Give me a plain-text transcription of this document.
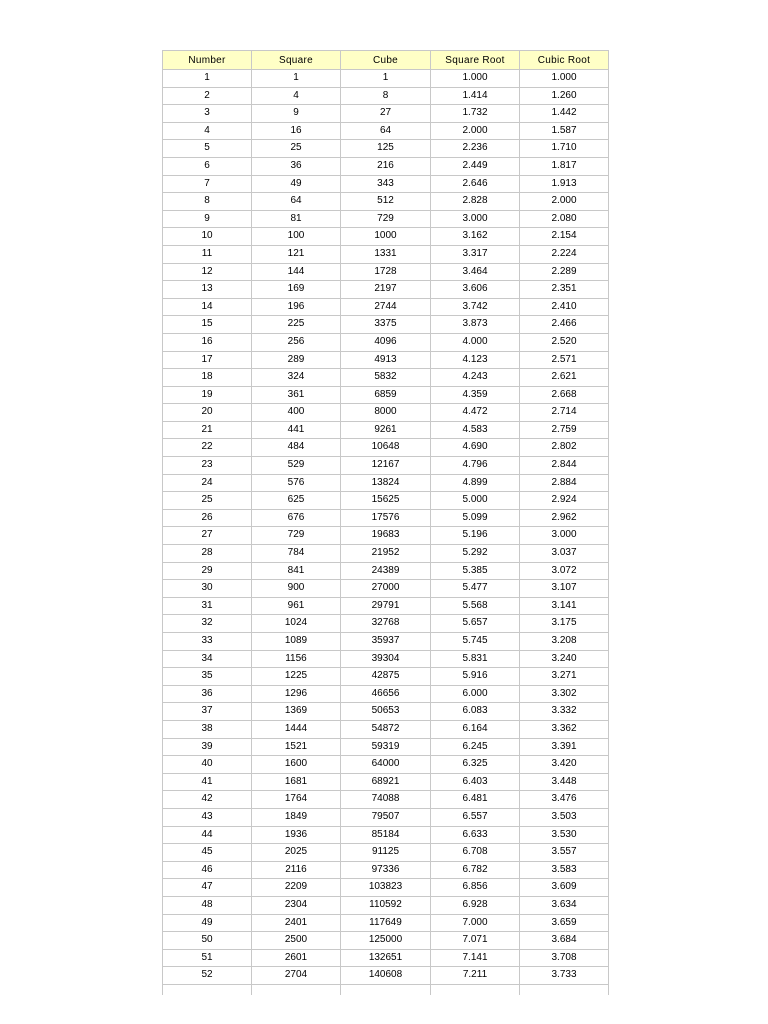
Number	Square	Cube	Square Root	Cubic Root
1	1	1	1.000	1.000
2	4	8	1.414	1.260
3	9	27	1.732	1.442
4	16	64	2.000	1.587
5	25	125	2.236	1.710
6	36	216	2.449	1.817
7	49	343	2.646	1.913
8	64	512	2.828	2.000
9	81	729	3.000	2.080
10	100	1000	3.162	2.154
11	121	1331	3.317	2.224
12	144	1728	3.464	2.289
13	169	2197	3.606	2.351
14	196	2744	3.742	2.410
15	225	3375	3.873	2.466
16	256	4096	4.000	2.520
17	289	4913	4.123	2.571
18	324	5832	4.243	2.621
19	361	6859	4.359	2.668
20	400	8000	4.472	2.714
21	441	9261	4.583	2.759
22	484	10648	4.690	2.802
23	529	12167	4.796	2.844
24	576	13824	4.899	2.884
25	625	15625	5.000	2.924
26	676	17576	5.099	2.962
27	729	19683	5.196	3.000
28	784	21952	5.292	3.037
29	841	24389	5.385	3.072
30	900	27000	5.477	3.107
31	961	29791	5.568	3.141
32	1024	32768	5.657	3.175
33	1089	35937	5.745	3.208
34	1156	39304	5.831	3.240
35	1225	42875	5.916	3.271
36	1296	46656	6.000	3.302
37	1369	50653	6.083	3.332
38	1444	54872	6.164	3.362
39	1521	59319	6.245	3.391
40	1600	64000	6.325	3.420
41	1681	68921	6.403	3.448
42	1764	74088	6.481	3.476
43	1849	79507	6.557	3.503
44	1936	85184	6.633	3.530
45	2025	91125	6.708	3.557
46	2116	97336	6.782	3.583
47	2209	103823	6.856	3.609
48	2304	110592	6.928	3.634
49	2401	117649	7.000	3.659
50	2500	125000	7.071	3.684
51	2601	132651	7.141	3.708
52	2704	140608	7.211	3.733
